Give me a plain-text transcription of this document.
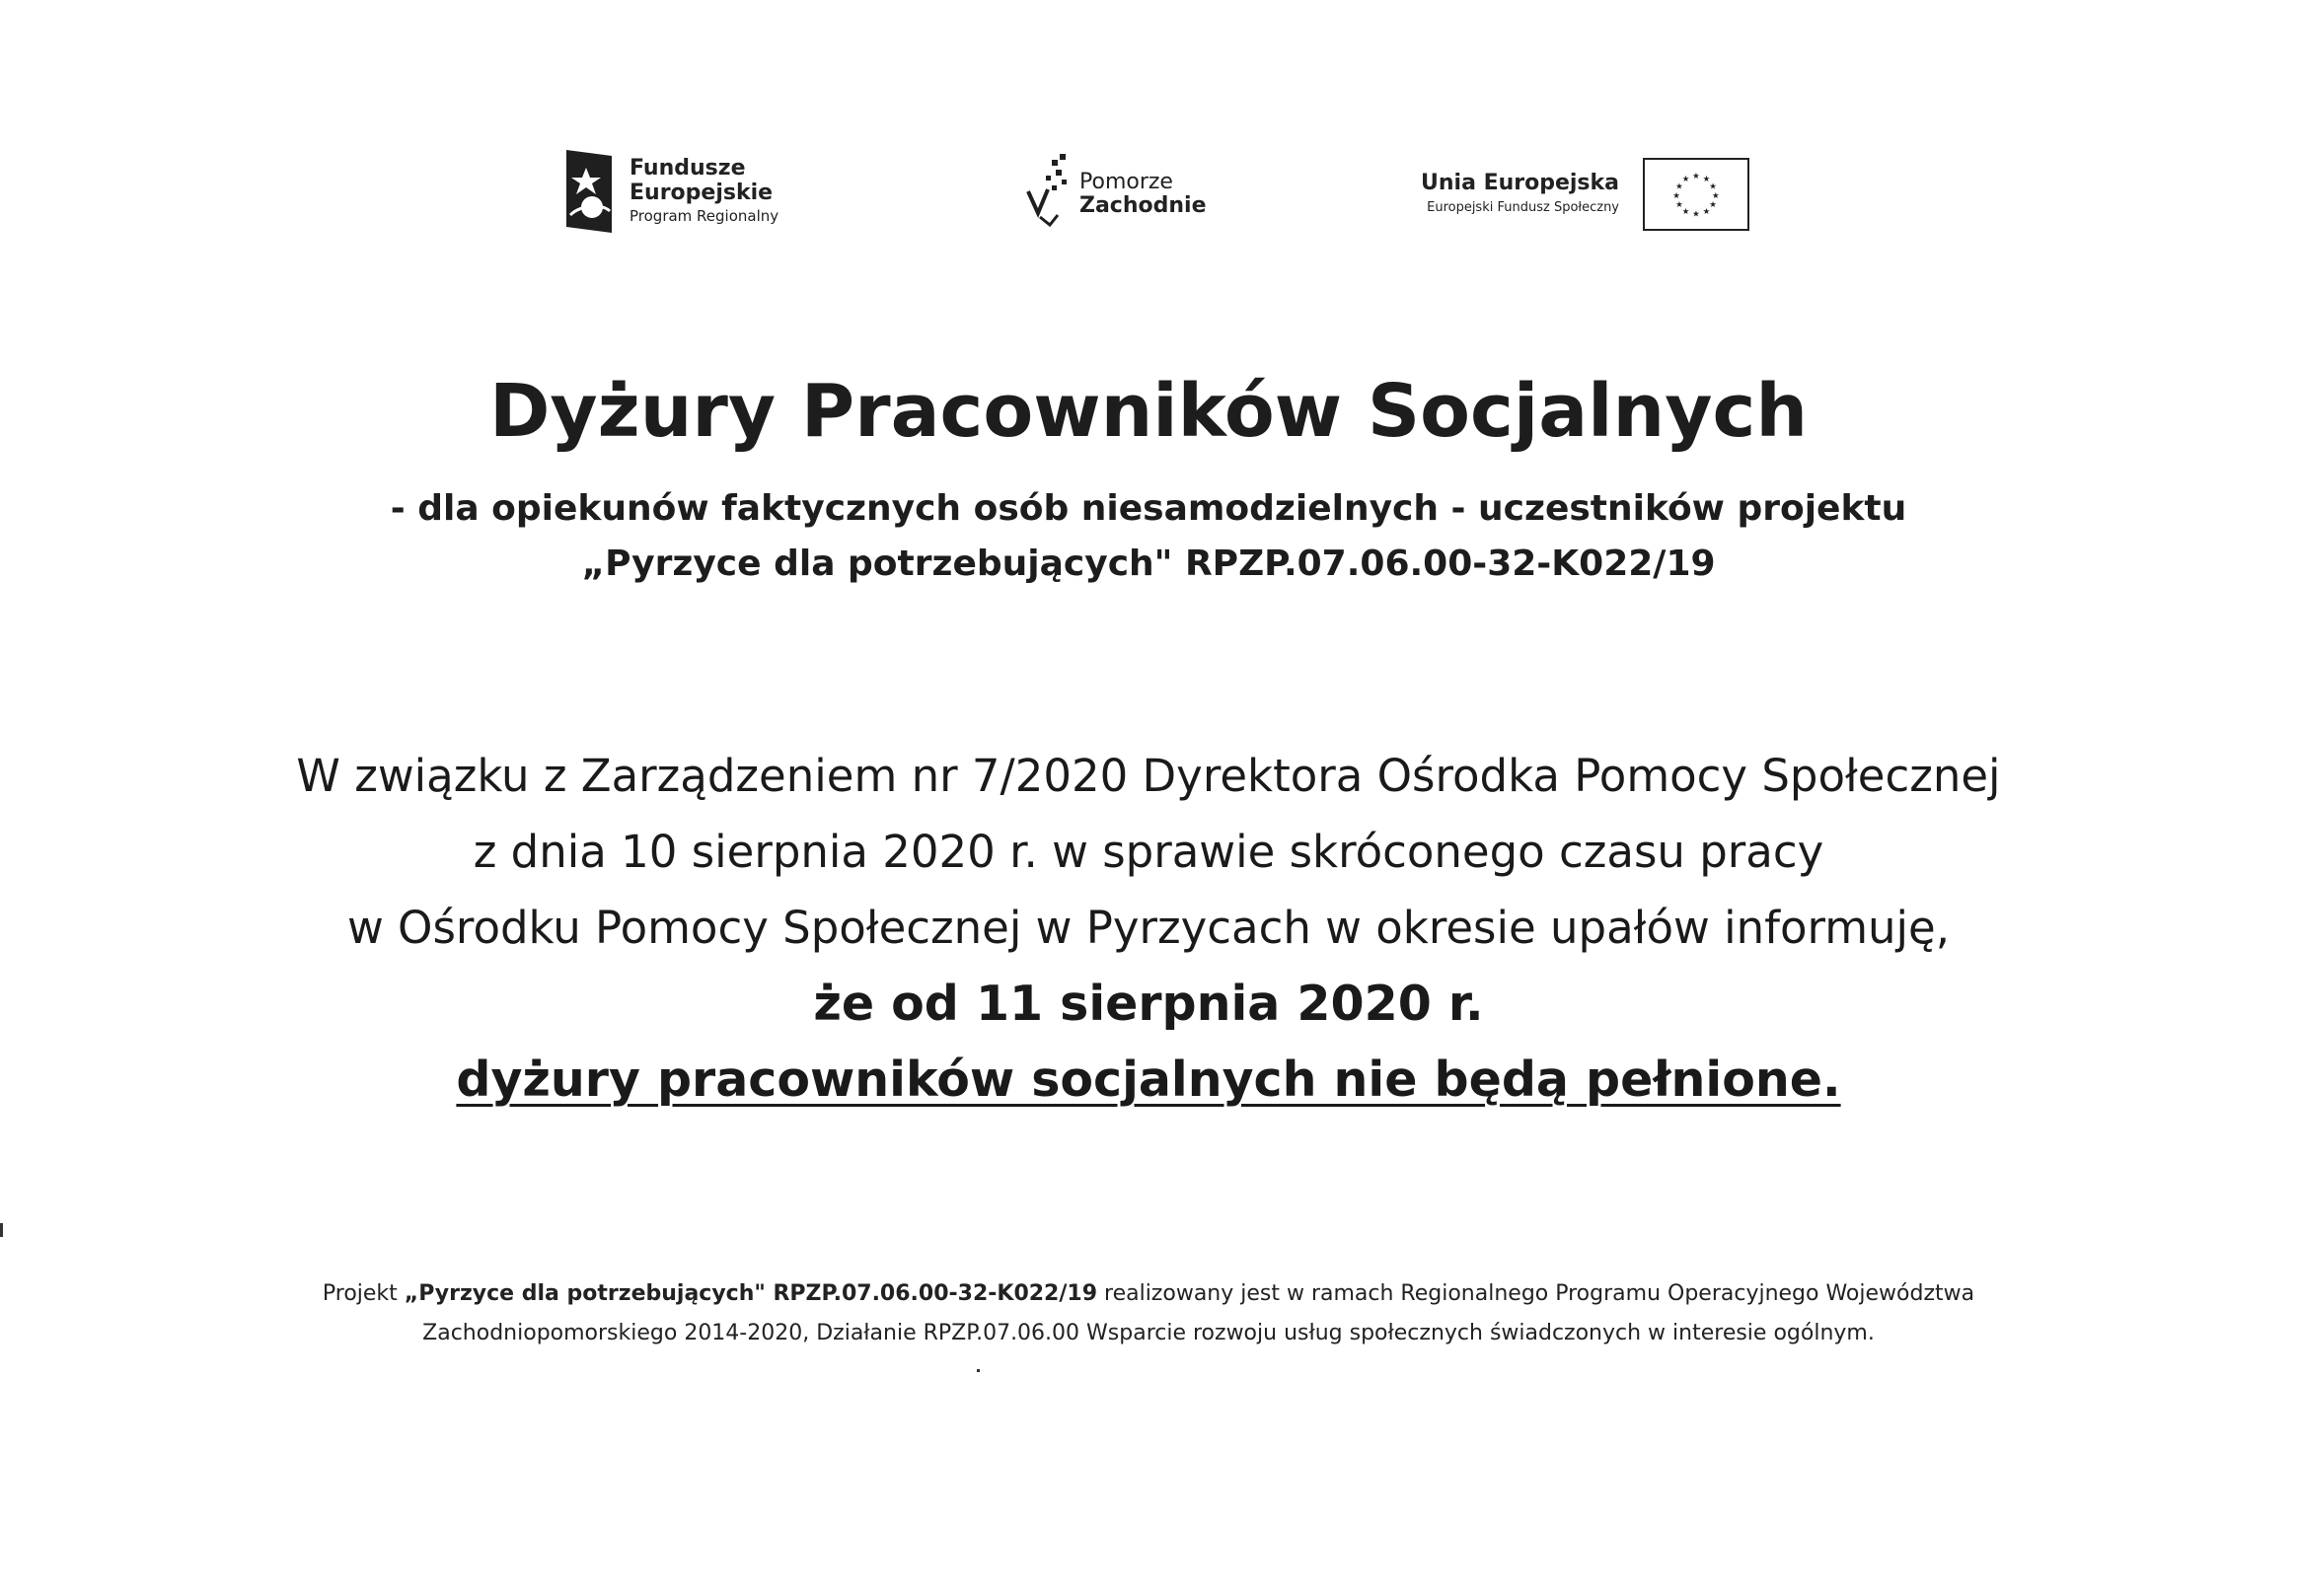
Fundusze
Europejskie
Program Regionalny
Pomorze
Zachodnie
Unia Europejska
Europejski Fundusz Społeczny
★ ★
★
★
★
★
★
★
★
★
★
★
Dyżury Pracowników Socjalnych
- dla opiekunów faktycznych osób niesamodzielnych - uczestników projektu
„Pyrzyce dla potrzebujących" RPZP.07.06.00-32-K022/19
W związku z Zarządzeniem nr 7/2020 Dyrektora Ośrodka Pomocy Społecznej
z dnia 10 sierpnia 2020 r. w sprawie skróconego czasu pracy
w Ośrodku Pomocy Społecznej w Pyrzycach w okresie upałów informuję,
że od 11 sierpnia 2020 r.
dyżury pracowników socjalnych nie będą pełnione.
Projekt „Pyrzyce dla potrzebujących" RPZP.07.06.00-32-K022/19 realizowany jest w ramach Regionalnego Programu Operacyjnego Województwa
Zachodniopomorskiego 2014-2020, Działanie RPZP.07.06.00 Wsparcie rozwoju usług społecznych świadczonych w interesie ogólnym.
